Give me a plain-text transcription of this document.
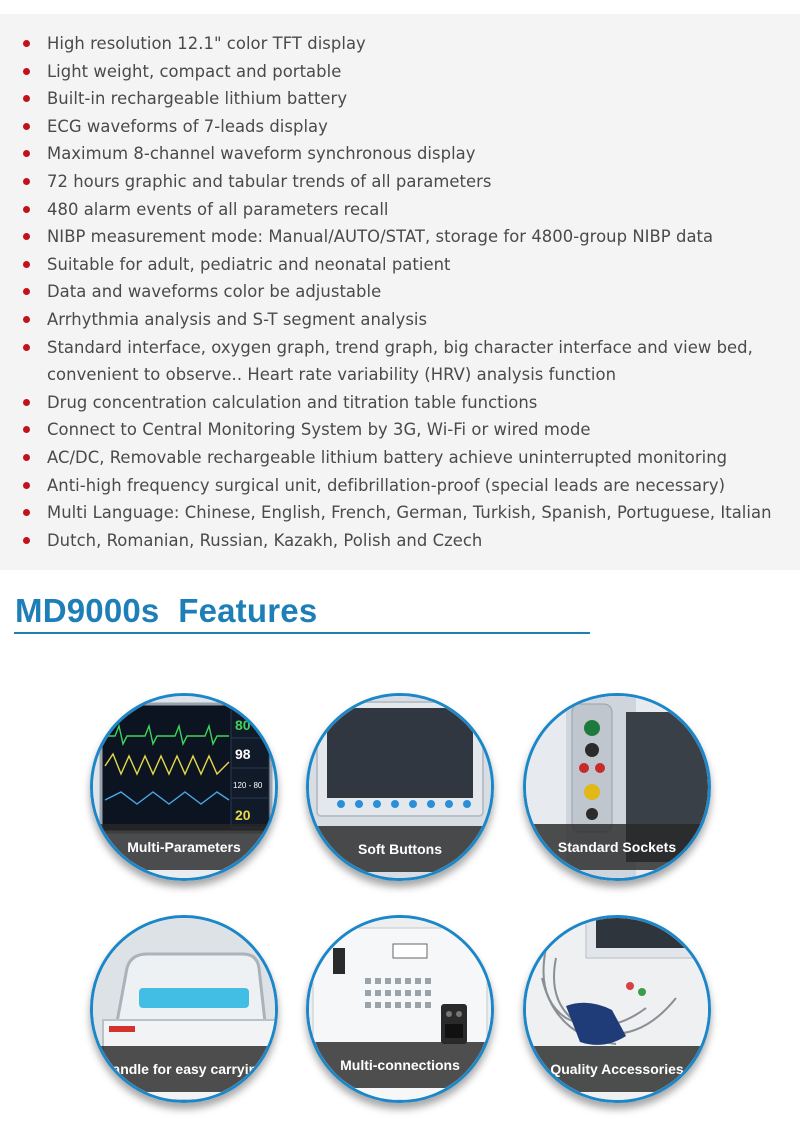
High resolution 12.1" color TFT display
Light weight, compact and portable
Built-in rechargeable lithium battery
ECG waveforms of 7-leads display
Maximum 8-channel waveform synchronous display
72 hours graphic and tabular trends of all parameters
480 alarm events of all parameters recall
NIBP measurement mode: Manual/AUTO/STAT, storage for 4800-group NIBP data
Suitable for adult, pediatric and neonatal patient
Data and waveforms color be adjustable
Arrhythmia analysis and S-T segment analysis
Standard interface, oxygen graph, trend graph, big character interface and view bed,
convenient to observe.. Heart rate variability (HRV) analysis function
Drug concentration calculation and titration table functions
Connect to Central Monitoring System by 3G, Wi-Fi or wired mode
AC/DC, Removable rechargeable lithium battery achieve uninterrupted monitoring
Anti-high frequency surgical unit, defibrillation-proof (special leads are necessary)
Multi Language: Chinese, English, French, German, Turkish, Spanish, Portuguese, Italian
Dutch, Romanian, Russian, Kazakh, Polish and Czech
MD9000s  Features
80
98
120 - 80
20
Multi-Parameters	Soft Buttons	Standard Sockets
Handle for easy carrying	Multi-connections	Quality Accessories
